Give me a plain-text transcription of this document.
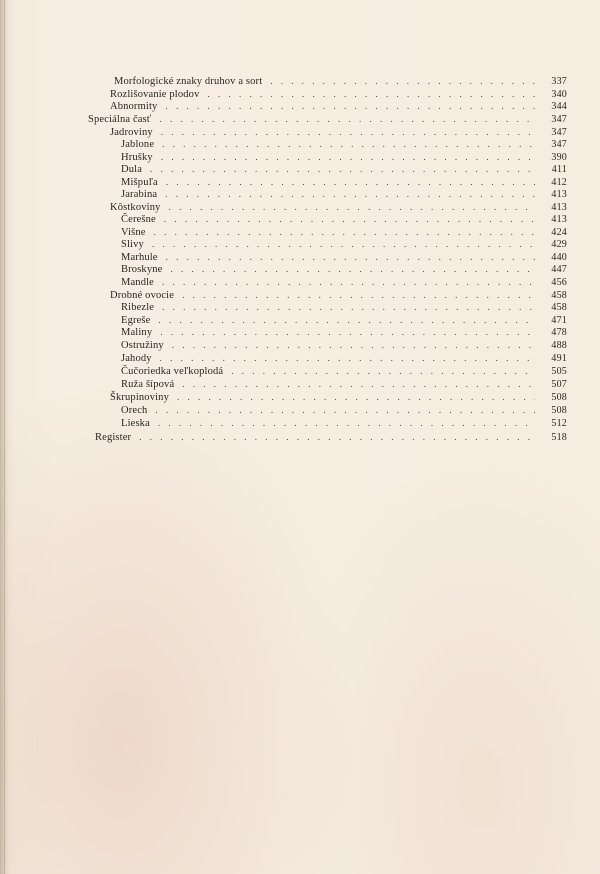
Morfologické znaky druhov a sort . . .	337
Rozlišovanie plodov . . .	340
Abnormity . . .	344
Speciálna časť . . .	347
Jadroviny . . .	347
Jablone . . .	347
Hrušky . . .	390
Dula . . .	411
Mišpuľa . . .	412
Jarabina . . .	413
Kôstkoviny . . .	413
Čerešne . . .	413
Višne . . .	424
Slivy . . .	429
Marhule . . .	440
Broskyne . . .	447
Mandle . . .	456
Drobné ovocie . . .	458
Ribezle . . .	458
Egreše . . .	471
Maliny . . .	478
Ostružiny . . .	488
Jahody . . .	491
Čučoriedka veľkoplodá . . .	505
Ruža šípová . . .	507
Škrupinoviny . . .	508
Orech . . .	508
Lieska . . .	512
Register . . .	518
